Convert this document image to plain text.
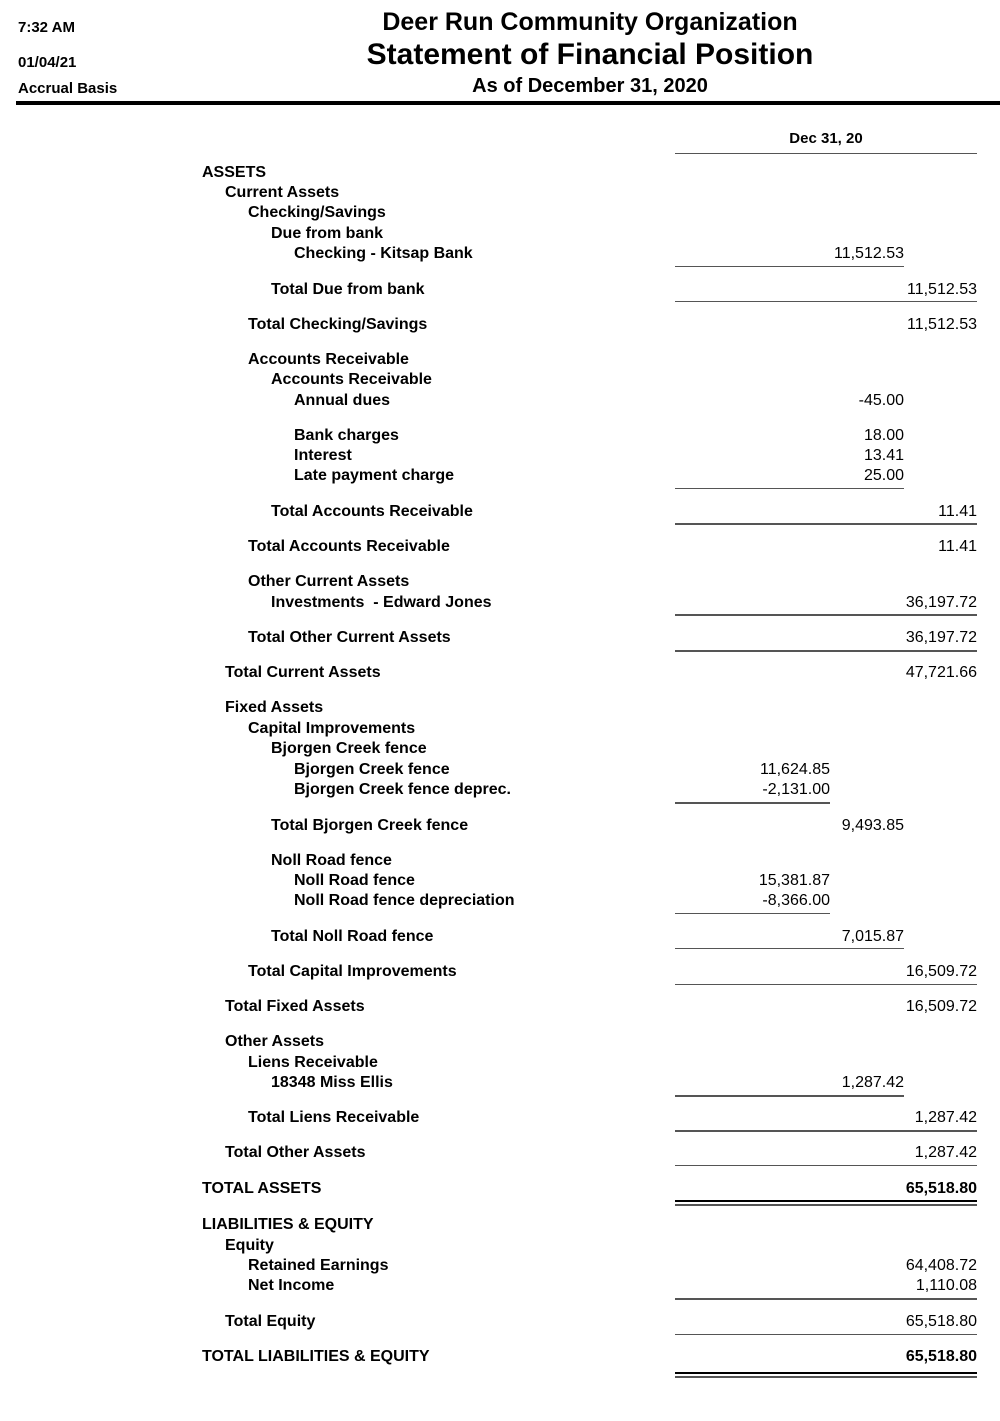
7:32 AM
01/04/21
Accrual Basis
Deer Run Community Organization
Statement of Financial Position
As of December 31, 2020
Dec 31, 20
ASSETS
Current Assets
Checking/Savings
Due from bank
Checking - Kitsap Bank	11,512.53
Total Due from bank	11,512.53
Total Checking/Savings	11,512.53
Accounts Receivable
Accounts Receivable
Annual dues	-45.00
Bank charges	18.00
Interest	13.41
Late payment charge	25.00
Total Accounts Receivable	11.41
Total Accounts Receivable	11.41
Other Current Assets
Investments  - Edward Jones	36,197.72
Total Other Current Assets	36,197.72
Total Current Assets	47,721.66
Fixed Assets
Capital Improvements
Bjorgen Creek fence
Bjorgen Creek fence	11,624.85
Bjorgen Creek fence deprec.	-2,131.00
Total Bjorgen Creek fence	9,493.85
Noll Road fence
Noll Road fence	15,381.87
Noll Road fence depreciation	-8,366.00
Total Noll Road fence	7,015.87
Total Capital Improvements	16,509.72
Total Fixed Assets	16,509.72
Other Assets
Liens Receivable
18348 Miss Ellis	1,287.42
Total Liens Receivable	1,287.42
Total Other Assets	1,287.42
TOTAL ASSETS	65,518.80
LIABILITIES & EQUITY
Equity
Retained Earnings	64,408.72
Net Income	1,110.08
Total Equity	65,518.80
TOTAL LIABILITIES & EQUITY	65,518.80
